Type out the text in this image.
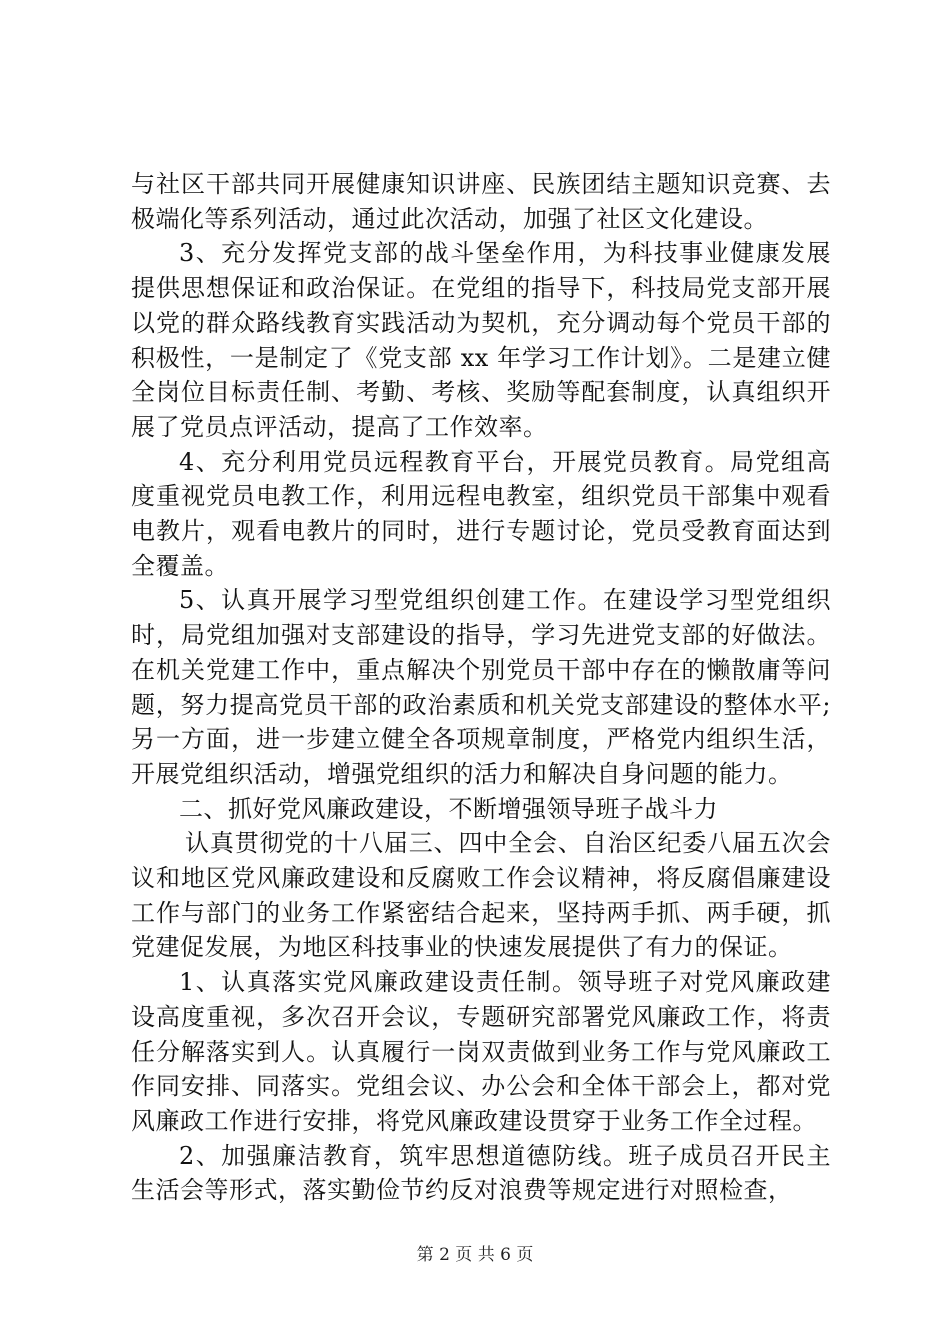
与社区干部共同开展健康知识讲座、民族团结主题知识竞赛、去极端化等系列活动，通过此次活动，加强了社区文化建设。

3、充分发挥党支部的战斗堡垒作用，为科技事业健康发展提供思想保证和政治保证。在党组的指导下，科技局党支部开展以党的群众路线教育实践活动为契机，充分调动每个党员干部的积极性，一是制定了《党支部 xx 年学习工作计划》。二是建立健全岗位目标责任制、考勤、考核、奖励等配套制度，认真组织开展了党员点评活动，提高了工作效率。

4、充分利用党员远程教育平台，开展党员教育。局党组高度重视党员电教工作，利用远程电教室，组织党员干部集中观看电教片，观看电教片的同时，进行专题讨论，党员受教育面达到全覆盖。

5、认真开展学习型党组织创建工作。在建设学习型党组织时，局党组加强对支部建设的指导，学习先进党支部的好做法。在机关党建工作中，重点解决个别党员干部中存在的懒散庸等问题，努力提高党员干部的政治素质和机关党支部建设的整体水平;另一方面，进一步建立健全各项规章制度，严格党内组织生活，开展党组织活动，增强党组织的活力和解决自身问题的能力。

二、抓好党风廉政建设，不断增强领导班子战斗力

认真贯彻党的十八届三、四中全会、自治区纪委八届五次会议和地区党风廉政建设和反腐败工作会议精神，将反腐倡廉建设工作与部门的业务工作紧密结合起来，坚持两手抓、两手硬，抓党建促发展，为地区科技事业的快速发展提供了有力的保证。

1、认真落实党风廉政建设责任制。领导班子对党风廉政建设高度重视，多次召开会议，专题研究部署党风廉政工作，将责任分解落实到人。认真履行一岗双责做到业务工作与党风廉政工作同安排、同落实。党组会议、办公会和全体干部会上，都对党风廉政工作进行安排，将党风廉政建设贯穿于业务工作全过程。

2、加强廉洁教育，筑牢思想道德防线。班子成员召开民主生活会等形式，落实勤俭节约反对浪费等规定进行对照检查，

第 2 页 共 6 页
